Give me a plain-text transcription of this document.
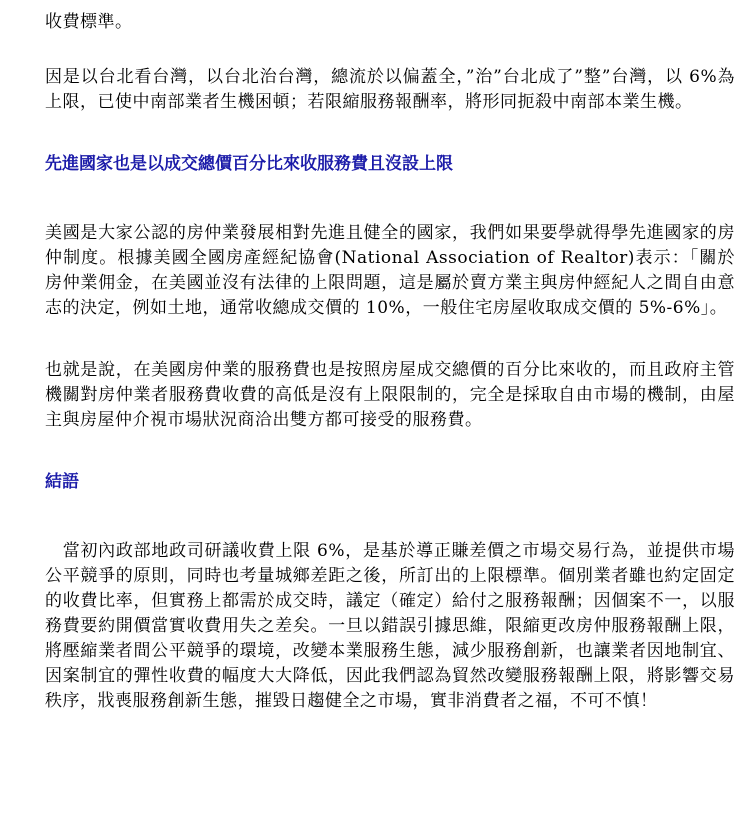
收費標準。

因是以台北看台灣，以台北治台灣，總流於以偏蓋全，”治”台北成了”整”台灣，以 6%為上限，已使中南部業者生機困頓；若限縮服務報酬率，將形同扼殺中南部本業生機。

先進國家也是以成交總價百分比來收服務費且沒設上限

美國是大家公認的房仲業發展相對先進且健全的國家，我們如果要學就得學先進國家的房仲制度。根據美國全國房產經紀協會(National Association of Realtor)表示：「關於房仲業佣金，在美國並沒有法律的上限問題，這是屬於賣方業主與房仲經紀人之間自由意志的決定，例如土地，通常收總成交價的 10%，一般住宅房屋收取成交價的 5%-6%」。

也就是說，在美國房仲業的服務費也是按照房屋成交總價的百分比來收的，而且政府主管機關對房仲業者服務費收費的高低是沒有上限限制的，完全是採取自由市場的機制，由屋主與房屋仲介視市場狀況商洽出雙方都可接受的服務費。

結語

　當初內政部地政司研議收費上限 6%，是基於導正賺差價之市場交易行為，並提供市場公平競爭的原則，同時也考量城鄉差距之後，所訂出的上限標準。個別業者雖也約定固定的收費比率，但實務上都需於成交時，議定（確定）給付之服務報酬；因個案不一，以服務費要約開價當實收費用失之差矣。一旦以錯誤引據思維，限縮更改房仲服務報酬上限，將壓縮業者間公平競爭的環境，改變本業服務生態，減少服務創新，也讓業者因地制宜、因案制宜的彈性收費的幅度大大降低，因此我們認為貿然改變服務報酬上限，將影響交易秩序，戕喪服務創新生態，摧毀日趨健全之市場，實非消費者之福，不可不慎！
